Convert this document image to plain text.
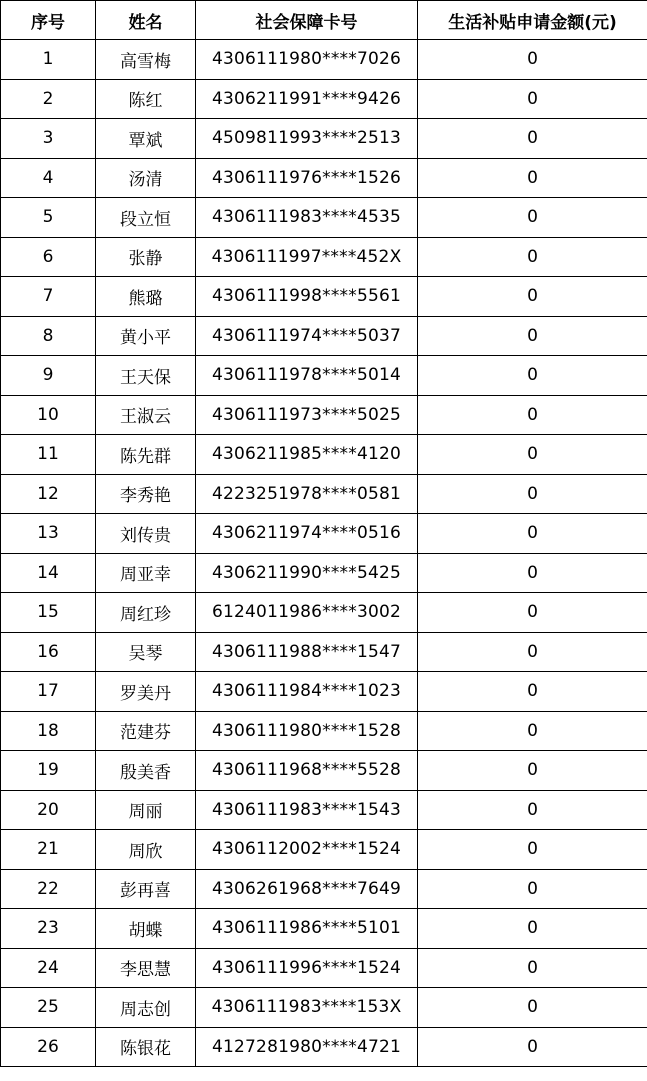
序号	姓名	社会保障卡号	生活补贴申请金额(元)
1	高雪梅	4306111980****7026	0
2	陈红	4306211991****9426	0
3	覃斌	4509811993****2513	0
4	汤清	4306111976****1526	0
5	段立恒	4306111983****4535	0
6	张静	4306111997****452X	0
7	熊璐	4306111998****5561	0
8	黄小平	4306111974****5037	0
9	王天保	4306111978****5014	0
10	王淑云	4306111973****5025	0
11	陈先群	4306211985****4120	0
12	李秀艳	4223251978****0581	0
13	刘传贵	4306211974****0516	0
14	周亚幸	4306211990****5425	0
15	周红珍	6124011986****3002	0
16	吴琴	4306111988****1547	0
17	罗美丹	4306111984****1023	0
18	范建芬	4306111980****1528	0
19	殷美香	4306111968****5528	0
20	周丽	4306111983****1543	0
21	周欣	4306112002****1524	0
22	彭再喜	4306261968****7649	0
23	胡蝶	4306111986****5101	0
24	李思慧	4306111996****1524	0
25	周志创	4306111983****153X	0
26	陈银花	4127281980****4721	0
